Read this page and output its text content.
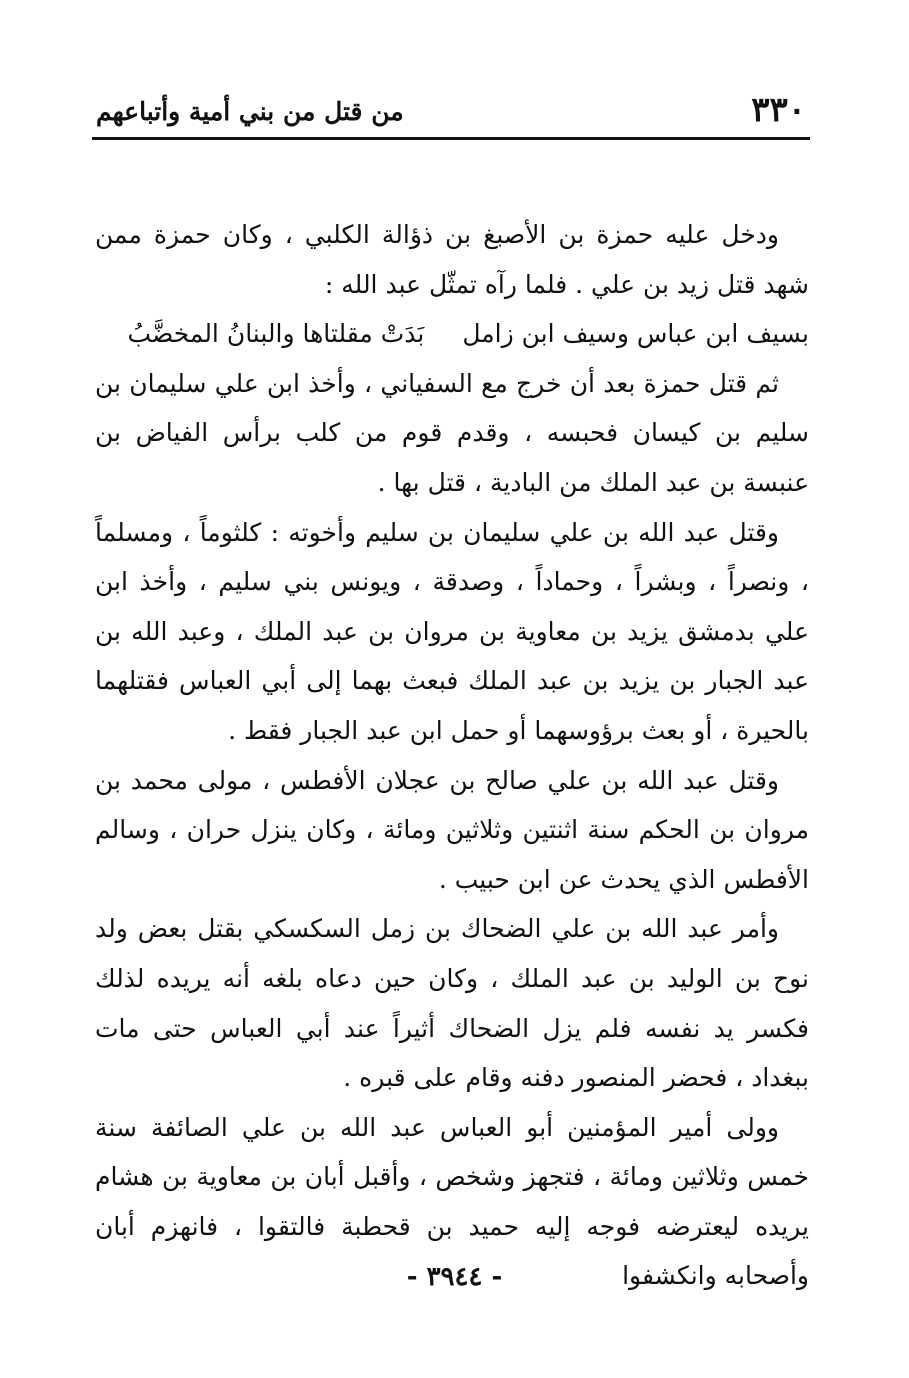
٣٣٠
من قتل من بني أمية وأتباعهم

ودخل عليه حمزة بن الأصبغ بن ذؤالة الكلبي ، وكان حمزة ممن شهد قتل زيد بن علي . فلما رآه تمثّل عبد الله :

بسيف ابن عباس وسيف ابن زاملبَدَتْ مقلتاها والبنانُ المخضَّبُ

ثم قتل حمزة بعد أن خرج مع السفياني ، وأخذ ابن علي سليمان بن سليم بن كيسان فحبسه ، وقدم قوم من كلب برأس الفياض بن عنبسة بن عبد الملك من البادية ، قتل بها .

وقتل عبد الله بن علي سليمان بن سليم وأخوته : كلثوماً ، ومسلماً ، ونصراً ، وبشراً ، وحماداً ، وصدقة ، ويونس بني سليم ، وأخذ ابن علي بدمشق يزيد بن معاوية بن مروان بن عبد الملك ، وعبد الله بن عبد الجبار بن يزيد بن عبد الملك فبعث بهما إلى أبي العباس فقتلهما بالحيرة ، أو بعث برؤوسهما أو حمل ابن عبد الجبار فقط .

وقتل عبد الله بن علي صالح بن عجلان الأفطس ، مولى محمد بن مروان بن الحكم سنة اثنتين وثلاثين ومائة ، وكان ينزل حران ، وسالم الأفطس الذي يحدث عن ابن حبيب .

وأمر عبد الله بن علي الضحاك بن زمل السكسكي بقتل بعض ولد نوح بن الوليد بن عبد الملك ، وكان حين دعاه بلغه أنه يريده لذلك فكسر يد نفسه فلم يزل الضحاك أثيراً عند أبي العباس حتى مات ببغداد ، فحضر المنصور دفنه وقام على قبره .

وولى أمير المؤمنين أبو العباس عبد الله بن علي الصائفة سنة خمس وثلاثين ومائة ، فتجهز وشخص ، وأقبل أبان بن معاوية بن هشام يريده ليعترضه فوجه إليه حميد بن قحطبة فالتقوا ، فانهزم أبان وأصحابه وانكشفوا

- ٣٩٤٤ -
